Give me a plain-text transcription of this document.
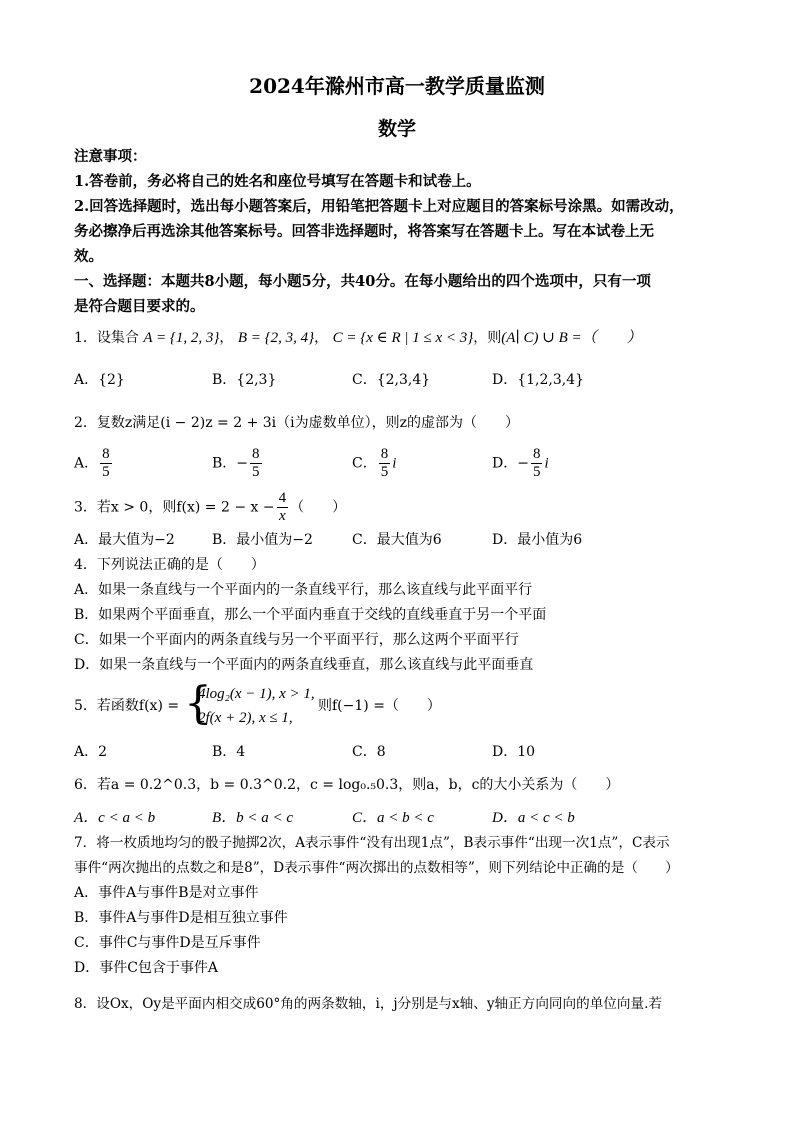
2024年滁州市高一教学质量监测
数学
注意事项：
1.答卷前，务必将自己的姓名和座位号填写在答题卡和试卷上。
2.回答选择题时，选出每小题答案后，用铅笔把答题卡上对应题目的答案标号涂黑。如需改动，
务必擦净后再选涂其他答案标号。回答非选择题时，将答案写在答题卡上。写在本试卷上无
效。
一、选择题：本题共8小题，每小题5分，共40分。在每小题给出的四个选项中，只有一项
是符合题目要求的。
1．设集合 A = {1, 2, 3}， B = {2, 3, 4}， C = {x ∈ R | 1 ≤ x < 3}，则(A∣ C) ∪ B =（　　）
A．{2}	B．{2,3}	C．{2,3,4}	D．{1,2,3,4}
2．复数z满足(i − 2)z = 2 + 3i（i为虚数单位），则z的虚部为（　　）
A． $\frac{8}{5}$	B．− $\frac{8}{5}$	C． $\frac{8}{5}$ i	D．− $\frac{8}{5}$ i
3．若x > 0，则$f(x) = 2 - x - \frac{4}{x}$ （　　）
A．最大值为−2	B．最小值为−2	C．最大值为6	D．最小值为6
4．下列说法正确的是（　　）
A．如果一条直线与一个平面内的一条直线平行，那么该直线与此平面平行
B．如果两个平面垂直，那么一个平面内垂直于交线的直线垂直于另一个平面
C．如果一个平面内的两条直线与另一个平面平行，那么这两个平面平行
D．如果一条直线与一个平面内的两条直线垂直，那么该直线与此平面垂直
5．若函数f(x) = {
4log₂(x − 1), x > 1,
2f(x + 2), x ≤ 1,
则f(−1) =（　　）
A．2	B．4	C．8	D．10
6．若a = 0.2^0.3，b = 0.3^0.2，c = log₀.₅0.3，则a，b，c的大小关系为（　　）
A．c < a < b	B．b < a < c	C．a < b < c	D．a < c < b
7．将一枚质地均匀的骰子抛掷2次，A表示事件“没有出现1点”，B表示事件“出现一次1点”，C表示
事件“两次抛出的点数之和是8”，D表示事件“两次掷出的点数相等”，则下列结论中正确的是（　　）
A．事件A与事件B是对立事件
B．事件A与事件D是相互独立事件
C．事件C与事件D是互斥事件
D．事件C包含于事件A
8．设Ox，Oy是平面内相交成60°角的两条数轴，i，j分别是与x轴、y轴正方向同向的单位向量.若
